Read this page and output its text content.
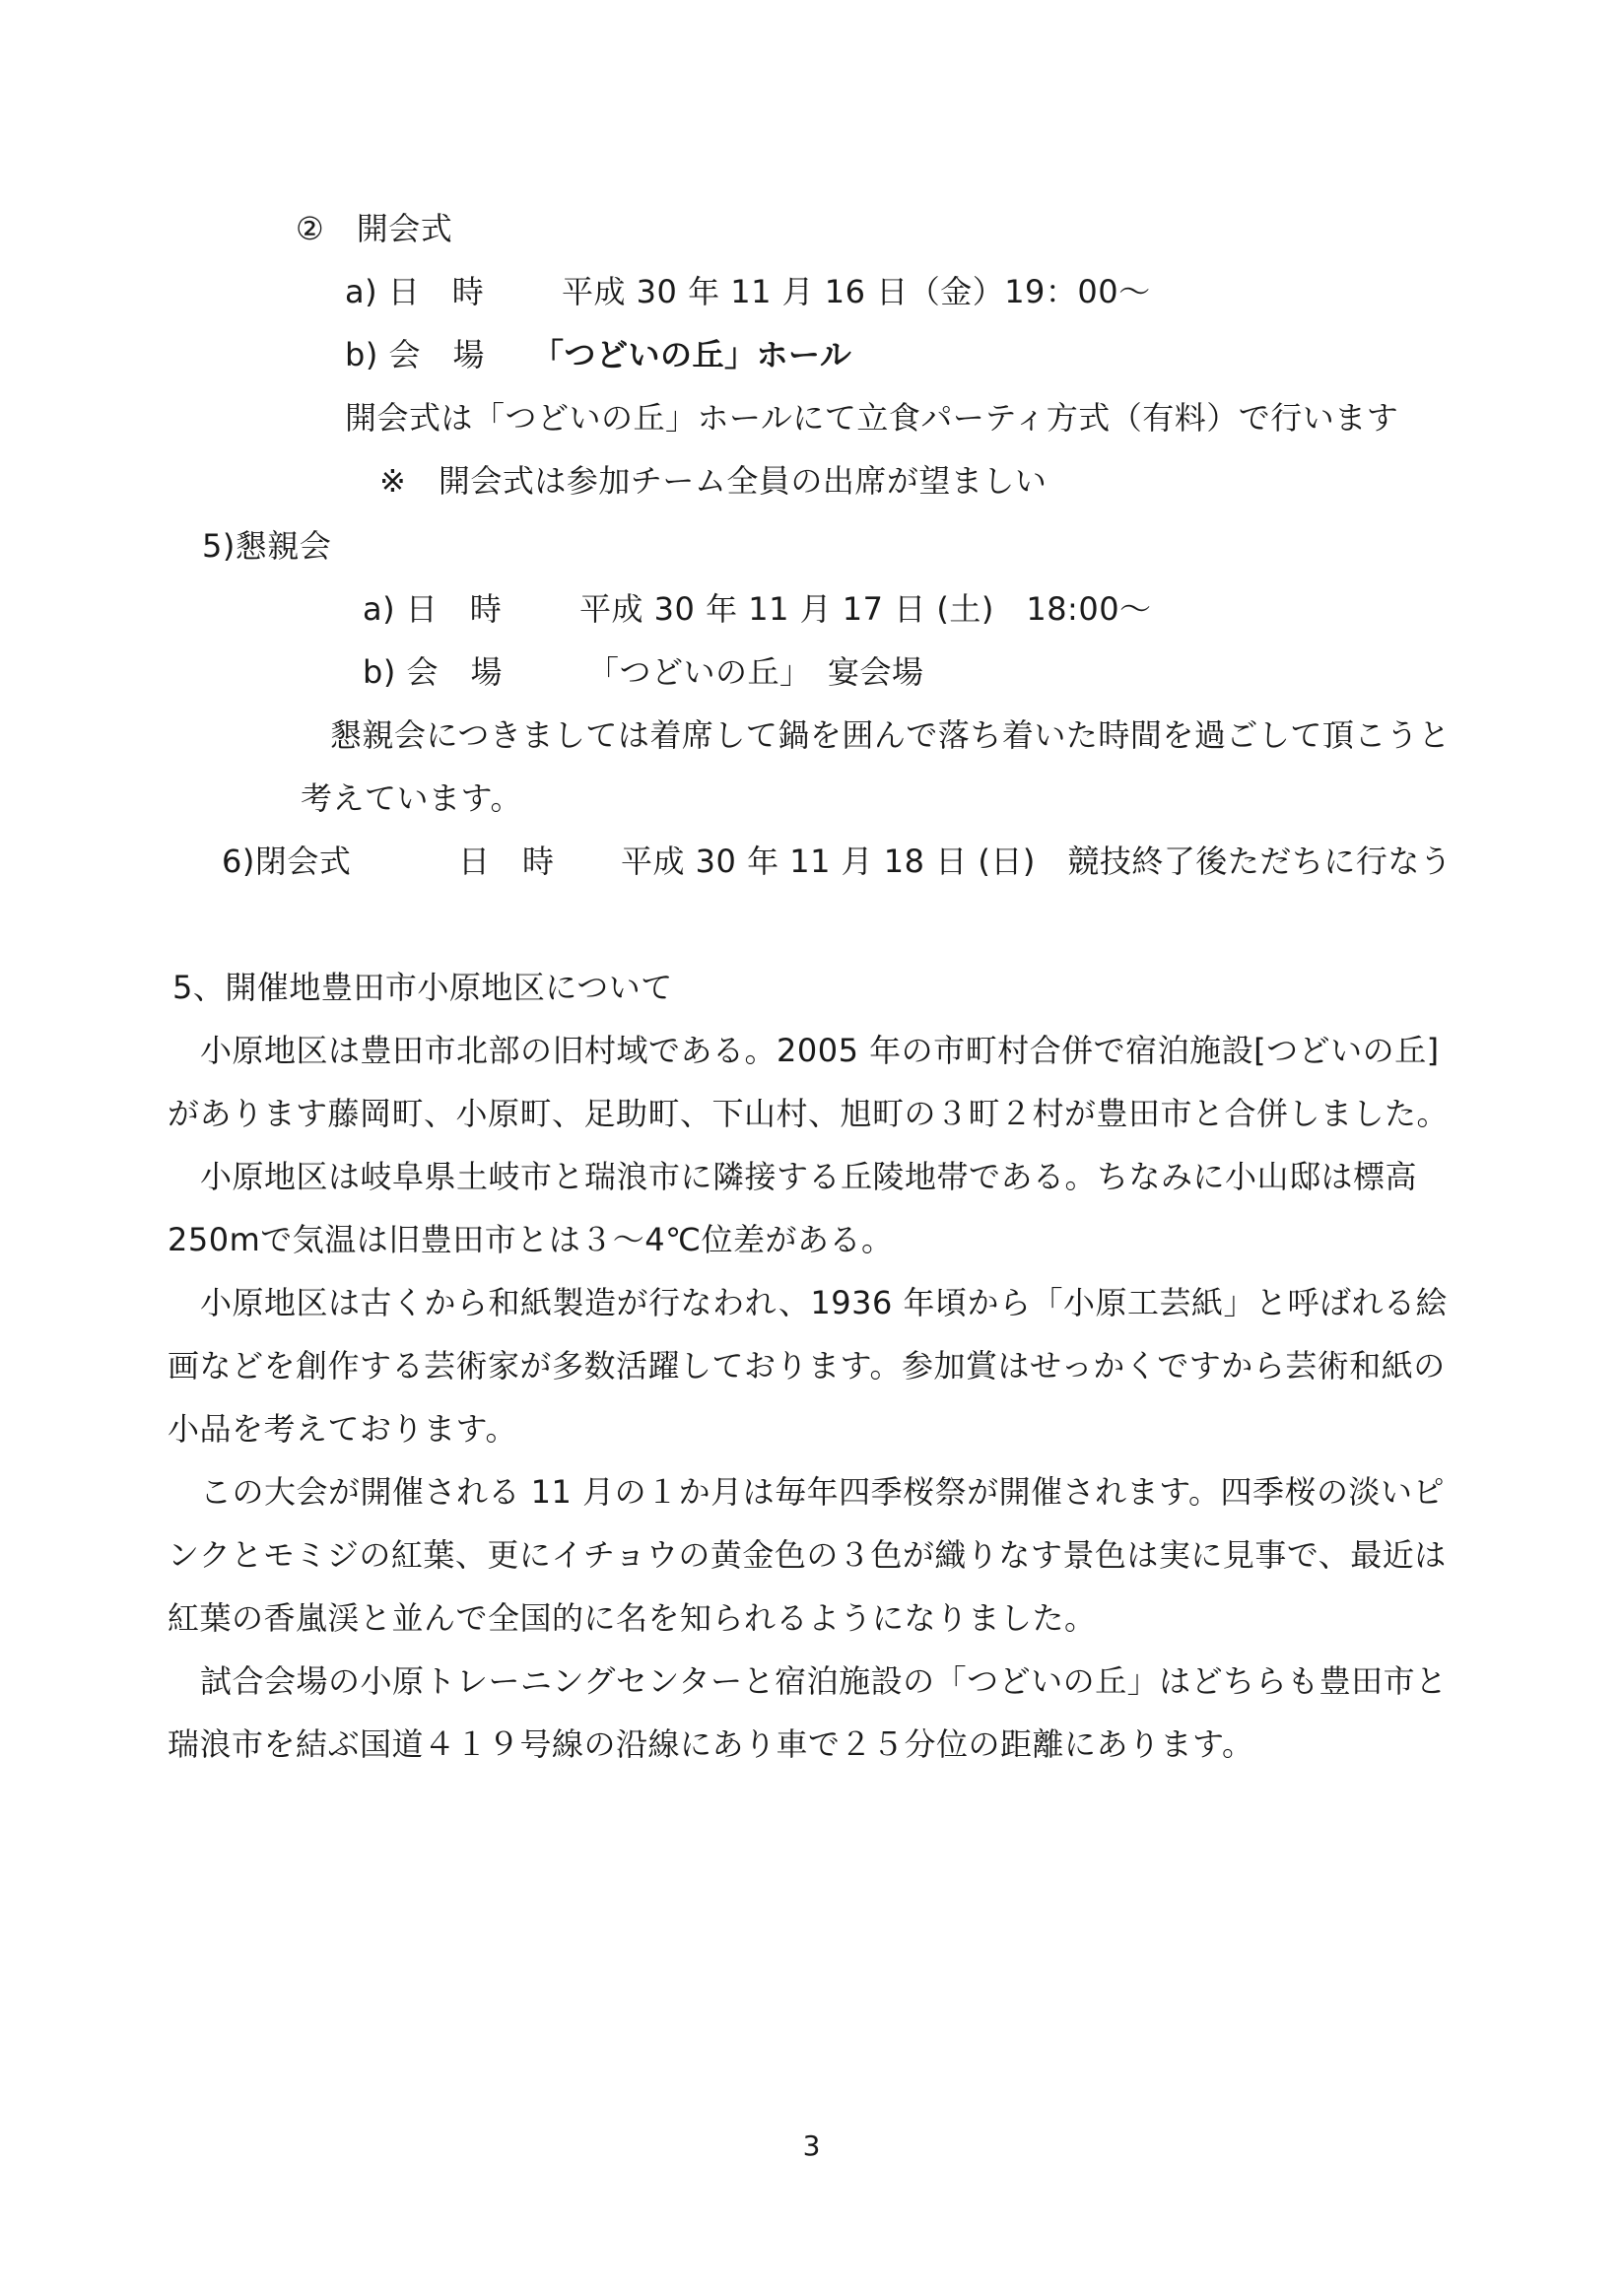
②　開会式
a) 日　時 平成 30 年 11 月 16 日（金）19：00～
b) 会　場 「つどいの丘」ホール
開会式は「つどいの丘」ホールにて立食パーティ方式（有料）で行います
※　開会式は参加チーム全員の出席が望ましい
5)懇親会
a) 日　時 平成 30 年 11 月 17 日 (土)　18:00～
b) 会　場	「つどいの丘」　宴会場
懇親会につきましては着席して鍋を囲んで落ち着いた時間を過ごして頂こうと
考えています。
6)閉会式	日　時 平成 30 年 11 月 18 日 (日)　競技終了後ただちに行なう
5、開催地豊田市小原地区について
小原地区は豊田市北部の旧村域である。2005 年の市町村合併で宿泊施設[つどいの丘]
があります藤岡町、小原町、足助町、下山村、旭町の３町２村が豊田市と合併しました。
小原地区は岐阜県土岐市と瑞浪市に隣接する丘陵地帯である。ちなみに小山邸は標高
250mで気温は旧豊田市とは３～4℃位差がある。
小原地区は古くから和紙製造が行なわれ、1936 年頃から「小原工芸紙」と呼ばれる絵
画などを創作する芸術家が多数活躍しております。参加賞はせっかくですから芸術和紙の
小品を考えております。
この大会が開催される 11 月の１か月は毎年四季桜祭が開催されます。四季桜の淡いピ
ンクとモミジの紅葉、更にイチョウの黄金色の３色が織りなす景色は実に見事で、最近は
紅葉の香嵐渓と並んで全国的に名を知られるようになりました。
試合会場の小原トレーニングセンターと宿泊施設の「つどいの丘」はどちらも豊田市と
瑞浪市を結ぶ国道４１９号線の沿線にあり車で２５分位の距離にあります。
3
